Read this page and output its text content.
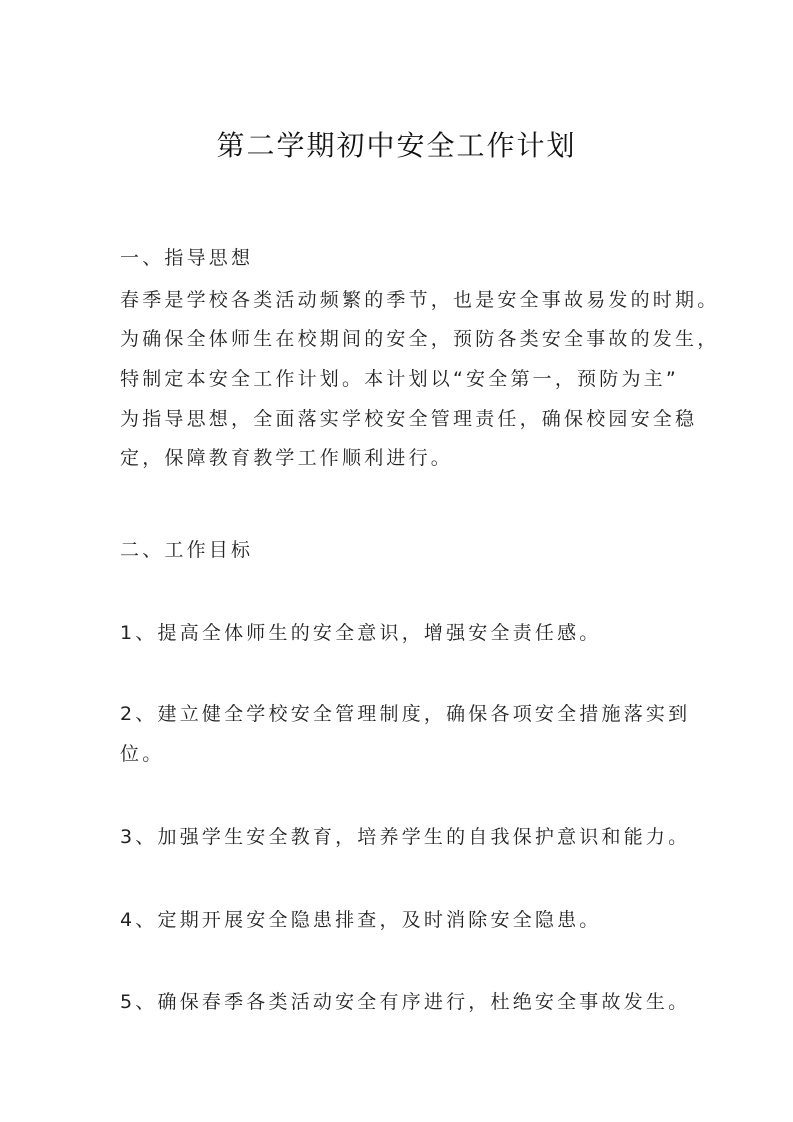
第二学期初中安全工作计划
一、指导思想
春季是学校各类活动频繁的季节，也是安全事故易发的时期。
为确保全体师生在校期间的安全，预防各类安全事故的发生，
特制定本安全工作计划。本计划以“安全第一，预防为主”
为指导思想，全面落实学校安全管理责任，确保校园安全稳
定，保障教育教学工作顺利进行。
二、工作目标
1、提高全体师生的安全意识，增强安全责任感。
2、建立健全学校安全管理制度，确保各项安全措施落实到
位。
3、加强学生安全教育，培养学生的自我保护意识和能力。
4、定期开展安全隐患排查，及时消除安全隐患。
5、确保春季各类活动安全有序进行，杜绝安全事故发生。
